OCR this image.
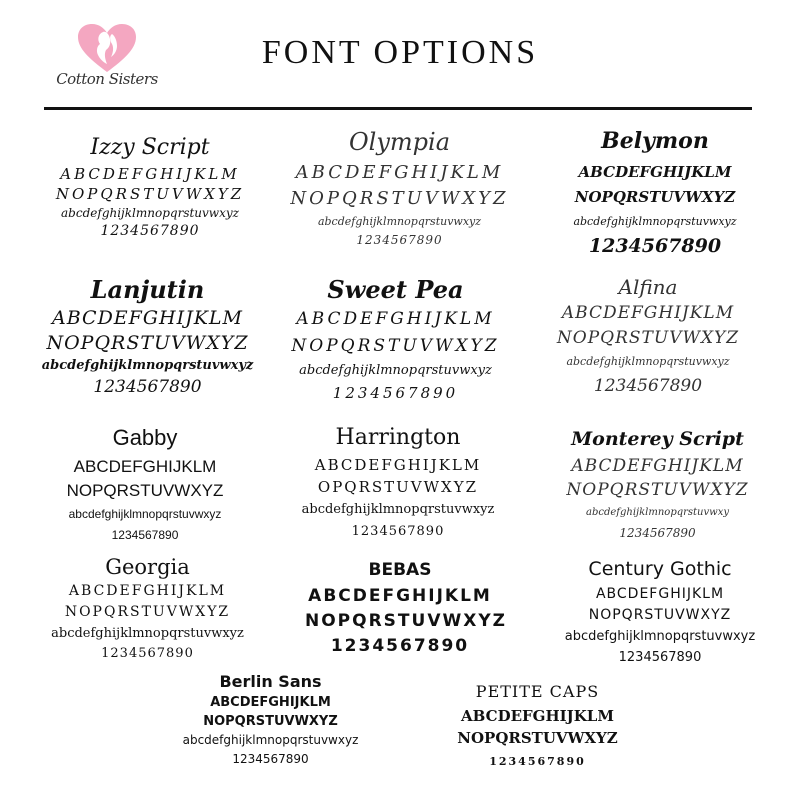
Cotton Sisters
FONT OPTIONS
Izzy Script
ABCDEFGHIJKLM
NOPQRSTUVWXYZ
abcdefghijklmnopqrstuvwxyz
1234567890
Olympia
ABCDEFGHIJKLM
NOPQRSTUVWXYZ
abcdefghijklmnopqrstuvwxyz
1234567890
Belymon
ABCDEFGHIJKLM
NOPQRSTUVWXYZ
abcdefghijklmnopqrstuvwxyz
1234567890
Lanjutin
ABCDEFGHIJKLM
NOPQRSTUVWXYZ
abcdefghijklmnopqrstuvwxyz
1234567890
Sweet Pea
ABCDEFGHIJKLM
NOPQRSTUVWXYZ
abcdefghijklmnopqrstuvwxyz
1234567890
Alfina
ABCDEFGHIJKLM
NOPQRSTUVWXYZ
abcdefghijklmnopqrstuvwxyz
1234567890
Gabby
ABCDEFGHIJKLM
NOPQRSTUVWXYZ
abcdefghijklmnopqrstuvwxyz
1234567890
Harrington
ABCDEFGHIJKLM
OPQRSTUVWXYZ
abcdefghijklmnopqrstuvwxyz
1234567890
Monterey Script
ABCDEFGHIJKLM
NOPQRSTUVWXYZ
abcdefghijklmnopqrstuvwxy
1234567890
Georgia
ABCDEFGHIJKLM
NOPQRSTUVWXYZ
abcdefghijklmnopqrstuvwxyz
1234567890
BEBAS
ABCDEFGHIJKLM
NOPQRSTUVWXYZ
1234567890
Century Gothic
ABCDEFGHIJKLM
NOPQRSTUVWXYZ
abcdefghijklmnopqrstuvwxyz
1234567890
Berlin Sans
ABCDEFGHIJKLM
NOPQRSTUVWXYZ
abcdefghijklmnopqrstuvwxyz
1234567890
PETITE CAPS
ABCDEFGHIJKLM
NOPQRSTUVWXYZ
1234567890
